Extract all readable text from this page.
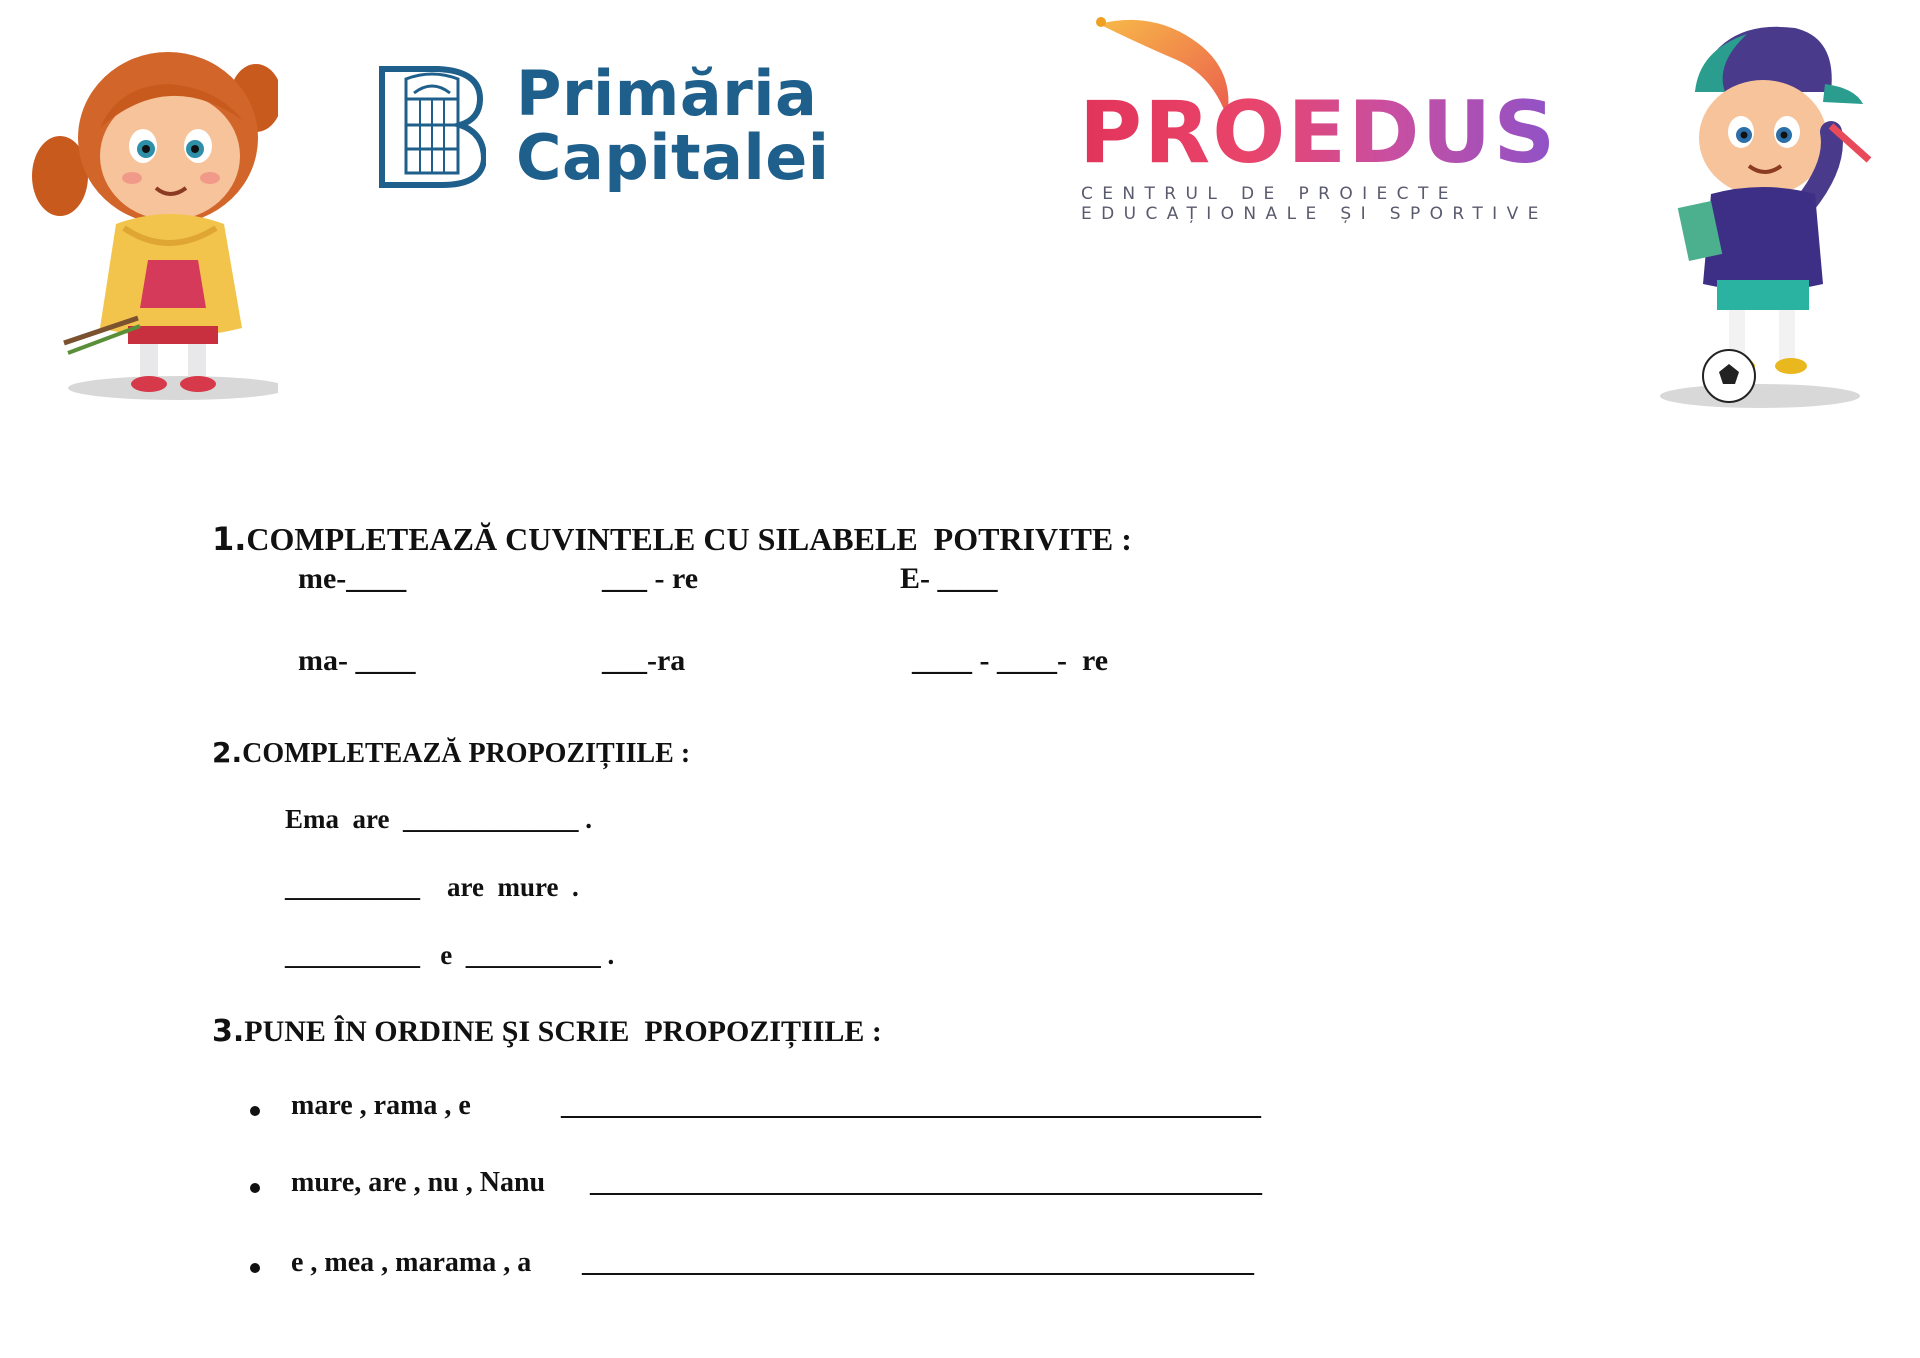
Primăria
Capitalei	PROEDUS
CENTRUL DE PROIECTE
EDUCAȚIONALE ȘI SPORTIVE
1.COMPLETEAZĂ CUVINTELE CU SILABELE  POTRIVITE :
me-____	___ - re	E- ____
ma- ____	___-ra	____ - ____-  re
2.COMPLETEAZĂ PROPOZIȚIILE :
Ema  are  _____________ .
__________    are  mure  .
__________   e  __________ .
3.PUNE ÎN ORDINE ŞI SCRIE  PROPOZIȚIILE :
mare , rama , e	__________________________________________________
mure, are , nu , Nanu ________________________________________________
e , mea , marama , a ________________________________________________
